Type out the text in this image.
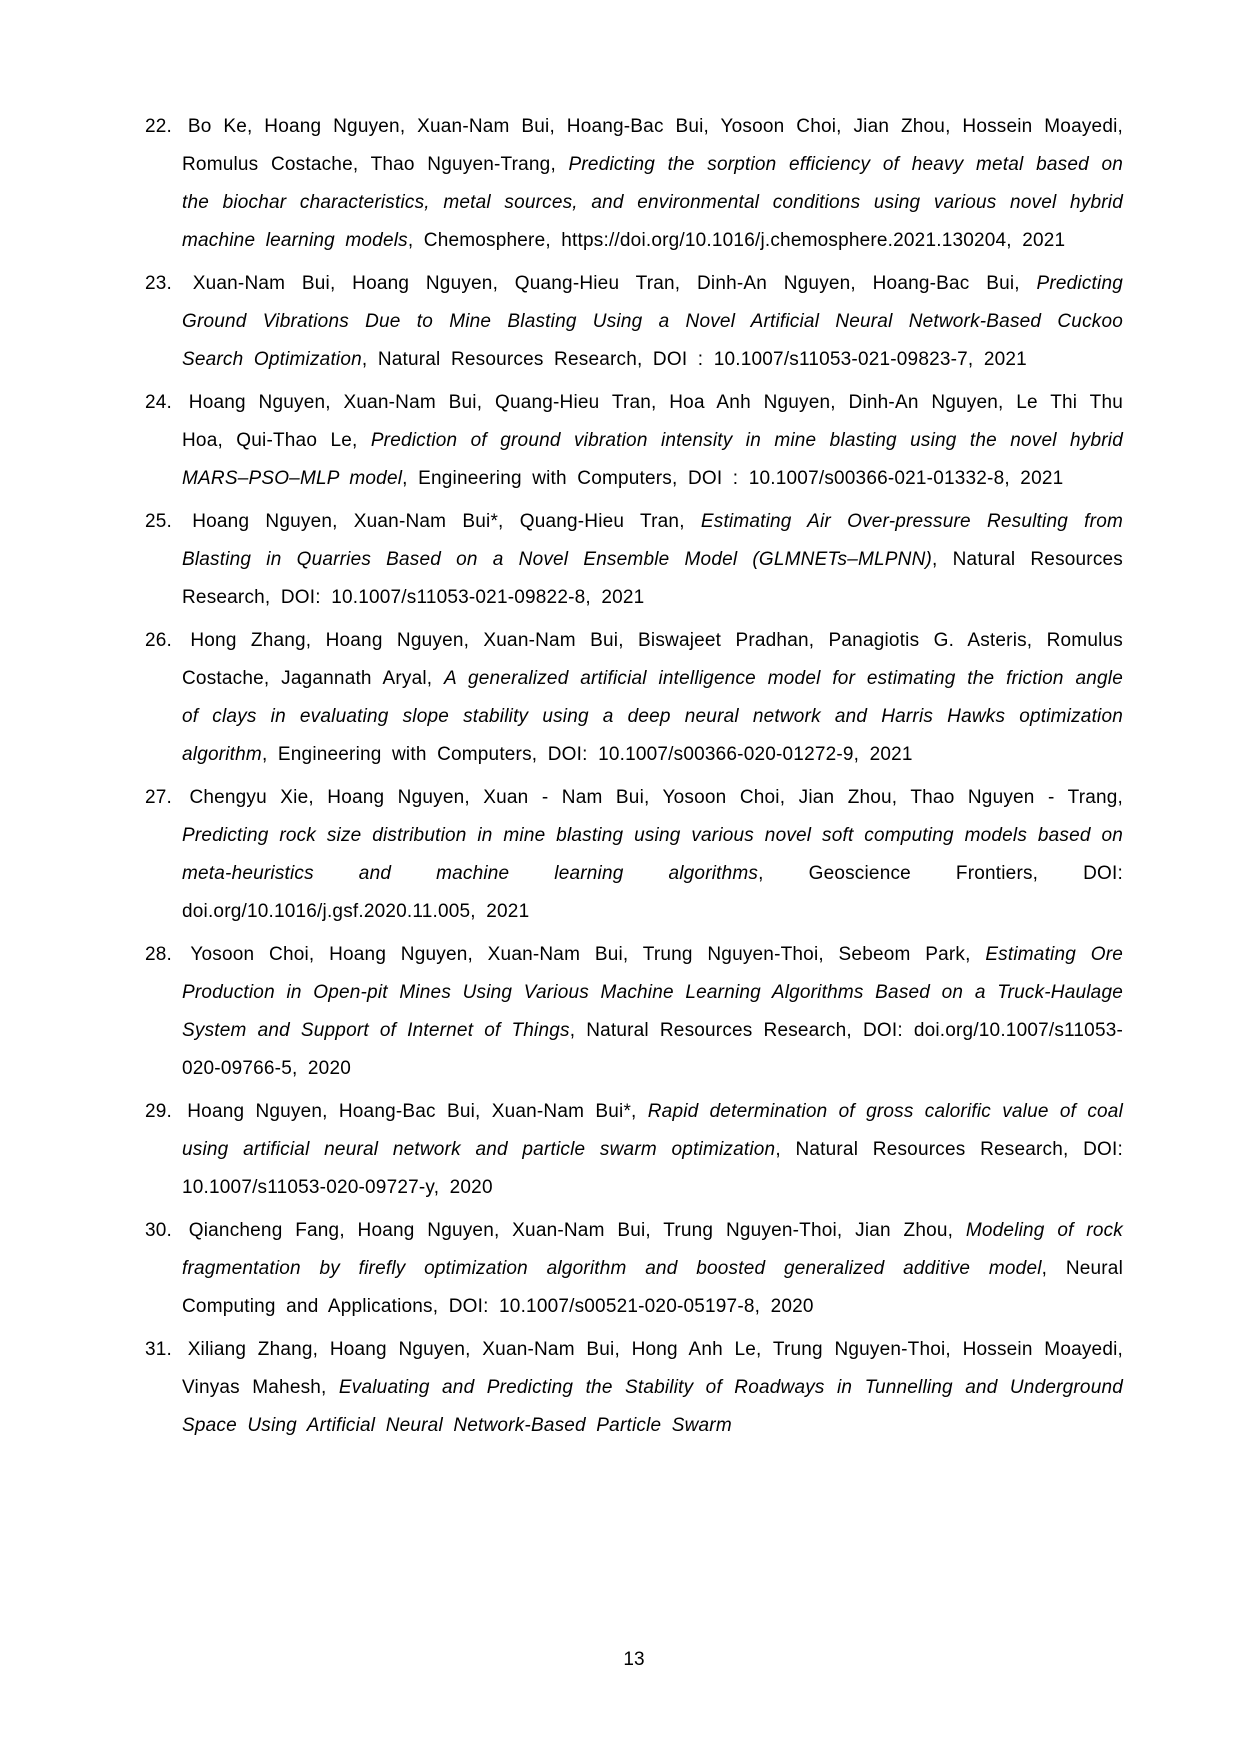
22. Bo Ke, Hoang Nguyen, Xuan-Nam Bui, Hoang-Bac Bui, Yosoon Choi, Jian Zhou, Hossein Moayedi, Romulus Costache, Thao Nguyen-Trang, Predicting the sorption efficiency of heavy metal based on the biochar characteristics, metal sources, and environmental conditions using various novel hybrid machine learning models, Chemosphere, https://doi.org/10.1016/j.chemosphere.2021.130204, 2021
23. Xuan-Nam Bui, Hoang Nguyen, Quang-Hieu Tran, Dinh-An Nguyen, Hoang-Bac Bui, Predicting Ground Vibrations Due to Mine Blasting Using a Novel Artificial Neural Network-Based Cuckoo Search Optimization, Natural Resources Research, DOI : 10.1007/s11053-021-09823-7, 2021
24. Hoang Nguyen, Xuan-Nam Bui, Quang-Hieu Tran, Hoa Anh Nguyen, Dinh-An Nguyen, Le Thi Thu Hoa, Qui-Thao Le, Prediction of ground vibration intensity in mine blasting using the novel hybrid MARS–PSO–MLP model, Engineering with Computers, DOI : 10.1007/s00366-021-01332-8, 2021
25. Hoang Nguyen, Xuan-Nam Bui*, Quang-Hieu Tran, Estimating Air Over-pressure Resulting from Blasting in Quarries Based on a Novel Ensemble Model (GLMNETs–MLPNN), Natural Resources Research, DOI: 10.1007/s11053-021-09822-8, 2021
26. Hong Zhang, Hoang Nguyen, Xuan-Nam Bui, Biswajeet Pradhan, Panagiotis G. Asteris, Romulus Costache, Jagannath Aryal, A generalized artificial intelligence model for estimating the friction angle of clays in evaluating slope stability using a deep neural network and Harris Hawks optimization algorithm, Engineering with Computers, DOI: 10.1007/s00366-020-01272-9, 2021
27. Chengyu Xie, Hoang Nguyen, Xuan - Nam Bui, Yosoon Choi, Jian Zhou, Thao Nguyen - Trang, Predicting rock size distribution in mine blasting using various novel soft computing models based on meta-heuristics and machine learning algorithms, Geoscience Frontiers, DOI: doi.org/10.1016/j.gsf.2020.11.005, 2021
28. Yosoon Choi, Hoang Nguyen, Xuan-Nam Bui, Trung Nguyen-Thoi, Sebeom Park, Estimating Ore Production in Open-pit Mines Using Various Machine Learning Algorithms Based on a Truck-Haulage System and Support of Internet of Things, Natural Resources Research, DOI: doi.org/10.1007/s11053-020-09766-5, 2020
29. Hoang Nguyen, Hoang-Bac Bui, Xuan-Nam Bui*, Rapid determination of gross calorific value of coal using artificial neural network and particle swarm optimization, Natural Resources Research, DOI: 10.1007/s11053-020-09727-y, 2020
30. Qiancheng Fang, Hoang Nguyen, Xuan-Nam Bui, Trung Nguyen-Thoi, Jian Zhou, Modeling of rock fragmentation by firefly optimization algorithm and boosted generalized additive model, Neural Computing and Applications, DOI: 10.1007/s00521-020-05197-8, 2020
31. Xiliang Zhang, Hoang Nguyen, Xuan-Nam Bui, Hong Anh Le, Trung Nguyen-Thoi, Hossein Moayedi, Vinyas Mahesh, Evaluating and Predicting the Stability of Roadways in Tunnelling and Underground Space Using Artificial Neural Network-Based Particle Swarm
13
